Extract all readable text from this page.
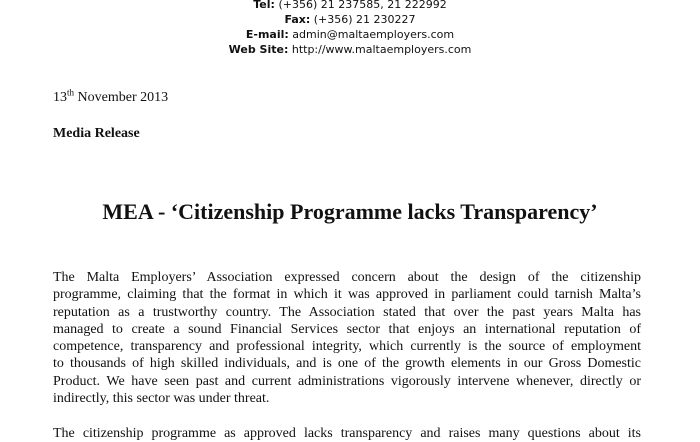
Tel: (+356) 21 237585, 21 222992
Fax: (+356) 21 230227
E-mail: admin@maltaemployers.com
Web Site: http://www.maltaemployers.com
13th November 2013
Media Release
MEA - ‘Citizenship Programme lacks Transparency’
The Malta Employers’ Association expressed concern about the design of the citizenship
programme, claiming that the format in which it was approved in parliament could tarnish Malta’s
reputation as a trustworthy country. The Association stated that over the past years Malta has
managed to create a sound Financial Services sector that enjoys an international reputation of
competence, transparency and professional integrity, which currently is the source of employment
to thousands of high skilled individuals, and is one of the growth elements in our Gross Domestic
Product. We have seen past and current administrations vigorously intervene whenever, directly or
indirectly, this sector was under threat.
The citizenship programme as approved lacks transparency and raises many questions about its
